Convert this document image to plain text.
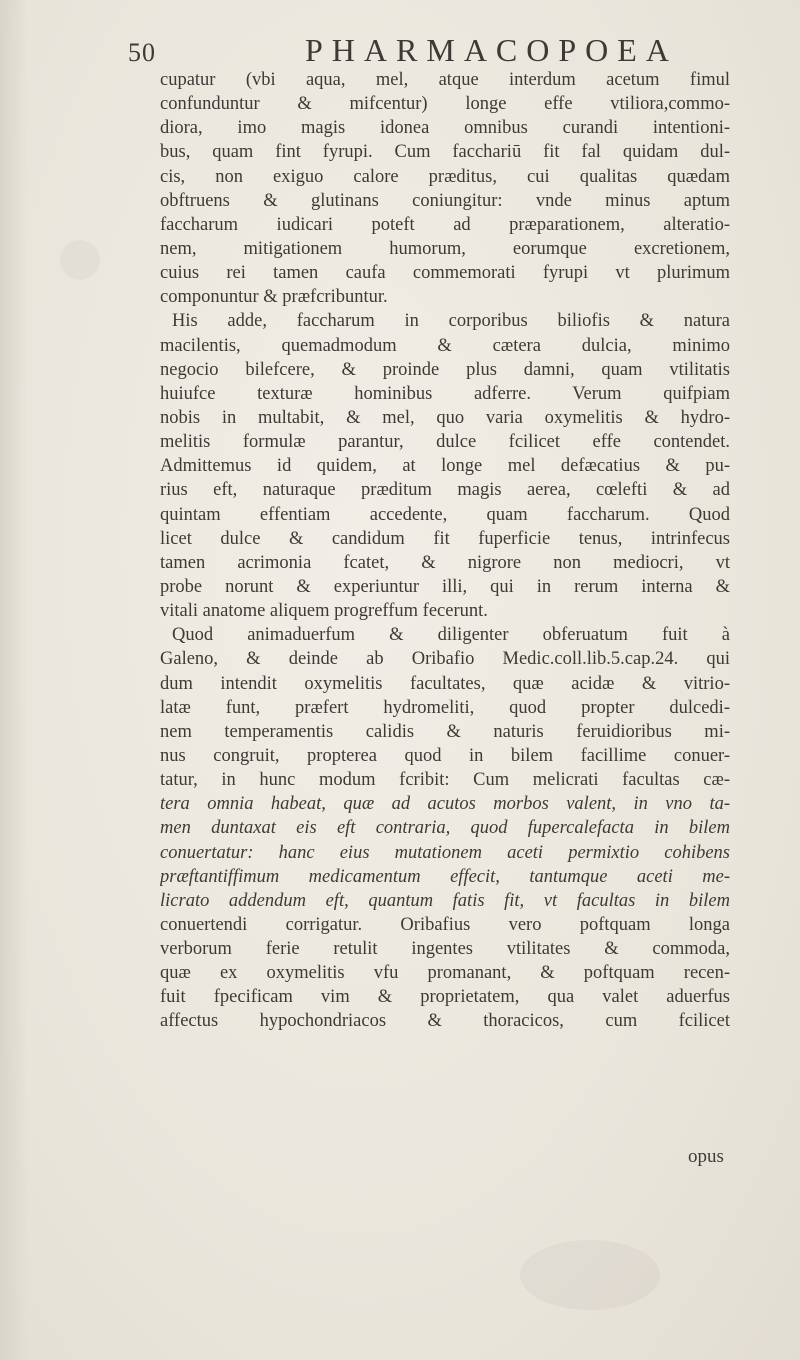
50	PHARMACOPOEA
cupatur (vbi aqua, mel, atque interdum acetum fimul
confunduntur & mifcentur) longe effe vtiliora,commo-
diora, imo magis idonea omnibus curandi intentioni-
bus, quam fint fyrupi. Cum facchariū fit fal quidam dul-
cis, non exiguo calore præditus, cui qualitas quædam
obftruens & glutinans coniungitur: vnde minus aptum
faccharum iudicari poteft ad præparationem, alteratio-
nem, mitigationem humorum, eorumque excretionem,
cuius rei tamen caufa commemorati fyrupi vt plurimum
componuntur & præfcribuntur.
His adde, faccharum in corporibus biliofis & natura
macilentis, quemadmodum & cætera dulcia, minimo
negocio bilefcere, & proinde plus damni, quam vtilitatis
huiufce texturæ hominibus adferre. Verum quifpiam
nobis in multabit, & mel, quo varia oxymelitis & hydro-
melitis formulæ parantur, dulce fcilicet effe contendet.
Admittemus id quidem, at longe mel defæcatius & pu-
rius eft, naturaque præditum magis aerea, cœlefti & ad
quintam effentiam accedente, quam faccharum. Quod
licet dulce & candidum fit fuperficie tenus, intrinfecus
tamen acrimonia fcatet, & nigrore non mediocri, vt
probe norunt & experiuntur illi, qui in rerum interna &
vitali anatome aliquem progreffum fecerunt.
Quod animaduerfum & diligenter obferuatum fuit à
Galeno, & deinde ab Oribafio Medic.coll.lib.5.cap.24. qui
dum intendit oxymelitis facultates, quæ acidæ & vitrio-
latæ funt, præfert hydromeliti, quod propter dulcedi-
nem temperamentis calidis & naturis feruidioribus mi-
nus congruit, propterea quod in bilem facillime conuer-
tatur, in hunc modum fcribit: Cum melicrati facultas cæ-
tera omnia habeat, quæ ad acutos morbos valent, in vno ta-
men duntaxat eis eft contraria, quod fupercalefacta in bilem
conuertatur: hanc eius mutationem aceti permixtio cohibens
præftantiffimum medicamentum effecit, tantumque aceti me-
licrato addendum eft, quantum fatis fit, vt facultas in bilem
conuertendi corrigatur. Oribafius vero poftquam longa
verborum ferie retulit ingentes vtilitates & commoda,
quæ ex oxymelitis vfu promanant, & poftquam recen-
fuit fpecificam vim & proprietatem, qua valet aduerfus
affectus hypochondriacos & thoracicos, cum fcilicet
opus
